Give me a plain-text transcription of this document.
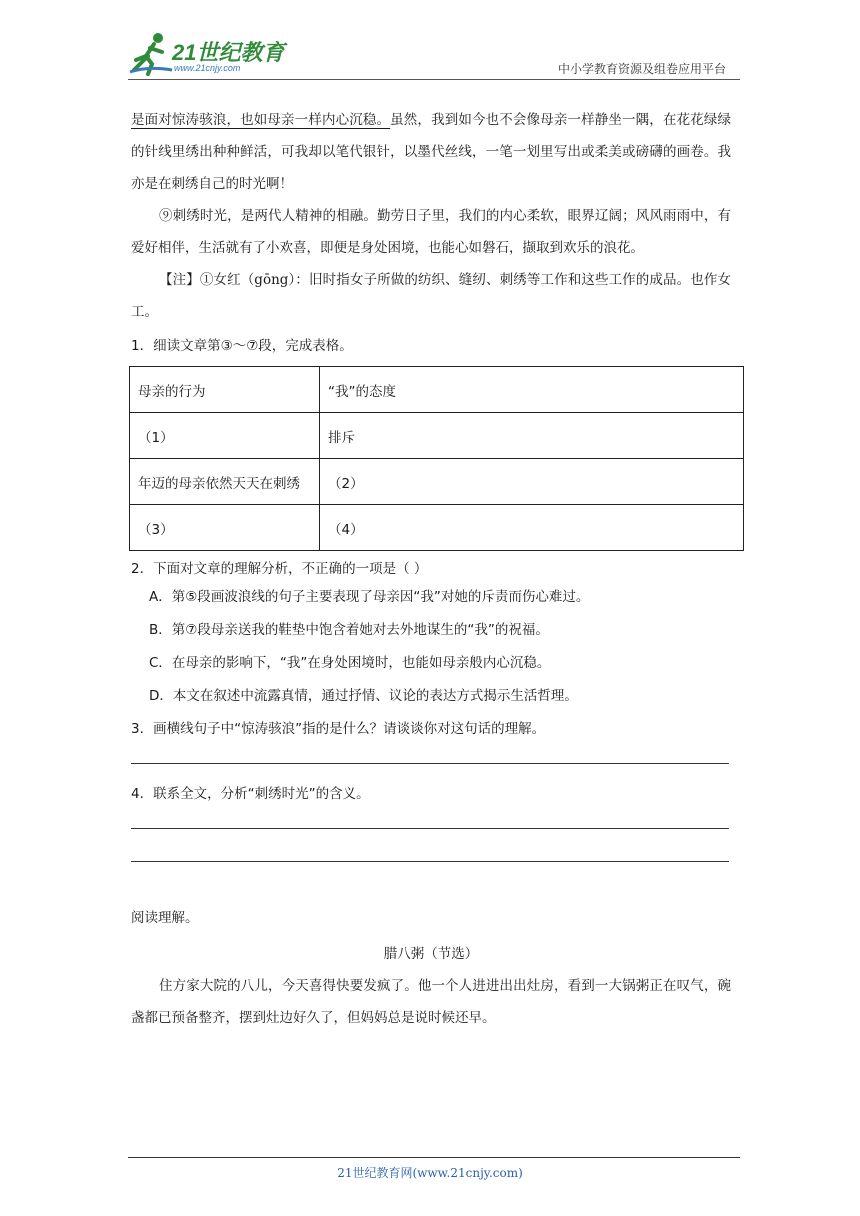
21世纪教育
www.21cnjy.com	中小学教育资源及组卷应用平台

是面对惊涛骇浪，也如母亲一样内心沉稳。虽然，我到如今也不会像母亲一样静坐一隅，在花花绿绿的针线里绣出种种鲜活，可我却以笔代银针，以墨代丝线，一笔一划里写出或柔美或磅礴的画卷。我亦是在刺绣自己的时光啊！

⑨刺绣时光，是两代人精神的相融。勤劳日子里，我们的内心柔软，眼界辽阔；风风雨雨中，有爱好相伴，生活就有了小欢喜，即便是身处困境，也能心如磐石，撷取到欢乐的浪花。

【注】①女红（gōng）：旧时指女子所做的纺织、缝纫、刺绣等工作和这些工作的成品。也作女工。

1．细读文章第③～⑦段，完成表格。

母亲的行为	“我”的态度
（1）	排斥
年迈的母亲依然天天在刺绣	（2）
（3）	（4）

2．下面对文章的理解分析，不正确的一项是（ ）

A．第⑤段画波浪线的句子主要表现了母亲因“我”对她的斥责而伤心难过。

B．第⑦段母亲送我的鞋垫中饱含着她对去外地谋生的“我”的祝福。

C．在母亲的影响下，“我”在身处困境时，也能如母亲般内心沉稳。

D．本文在叙述中流露真情，通过抒情、议论的表达方式揭示生活哲理。

3．画横线句子中“惊涛骇浪”指的是什么？请谈谈你对这句话的理解。

4．联系全文，分析“刺绣时光”的含义。

阅读理解。

腊八粥（节选）

住方家大院的八儿，今天喜得快要发疯了。他一个人进进出出灶房，看到一大锅粥正在叹气，碗盏都已预备整齐，摆到灶边好久了，但妈妈总是说时候还早。

21世纪教育网(www.21cnjy.com)
